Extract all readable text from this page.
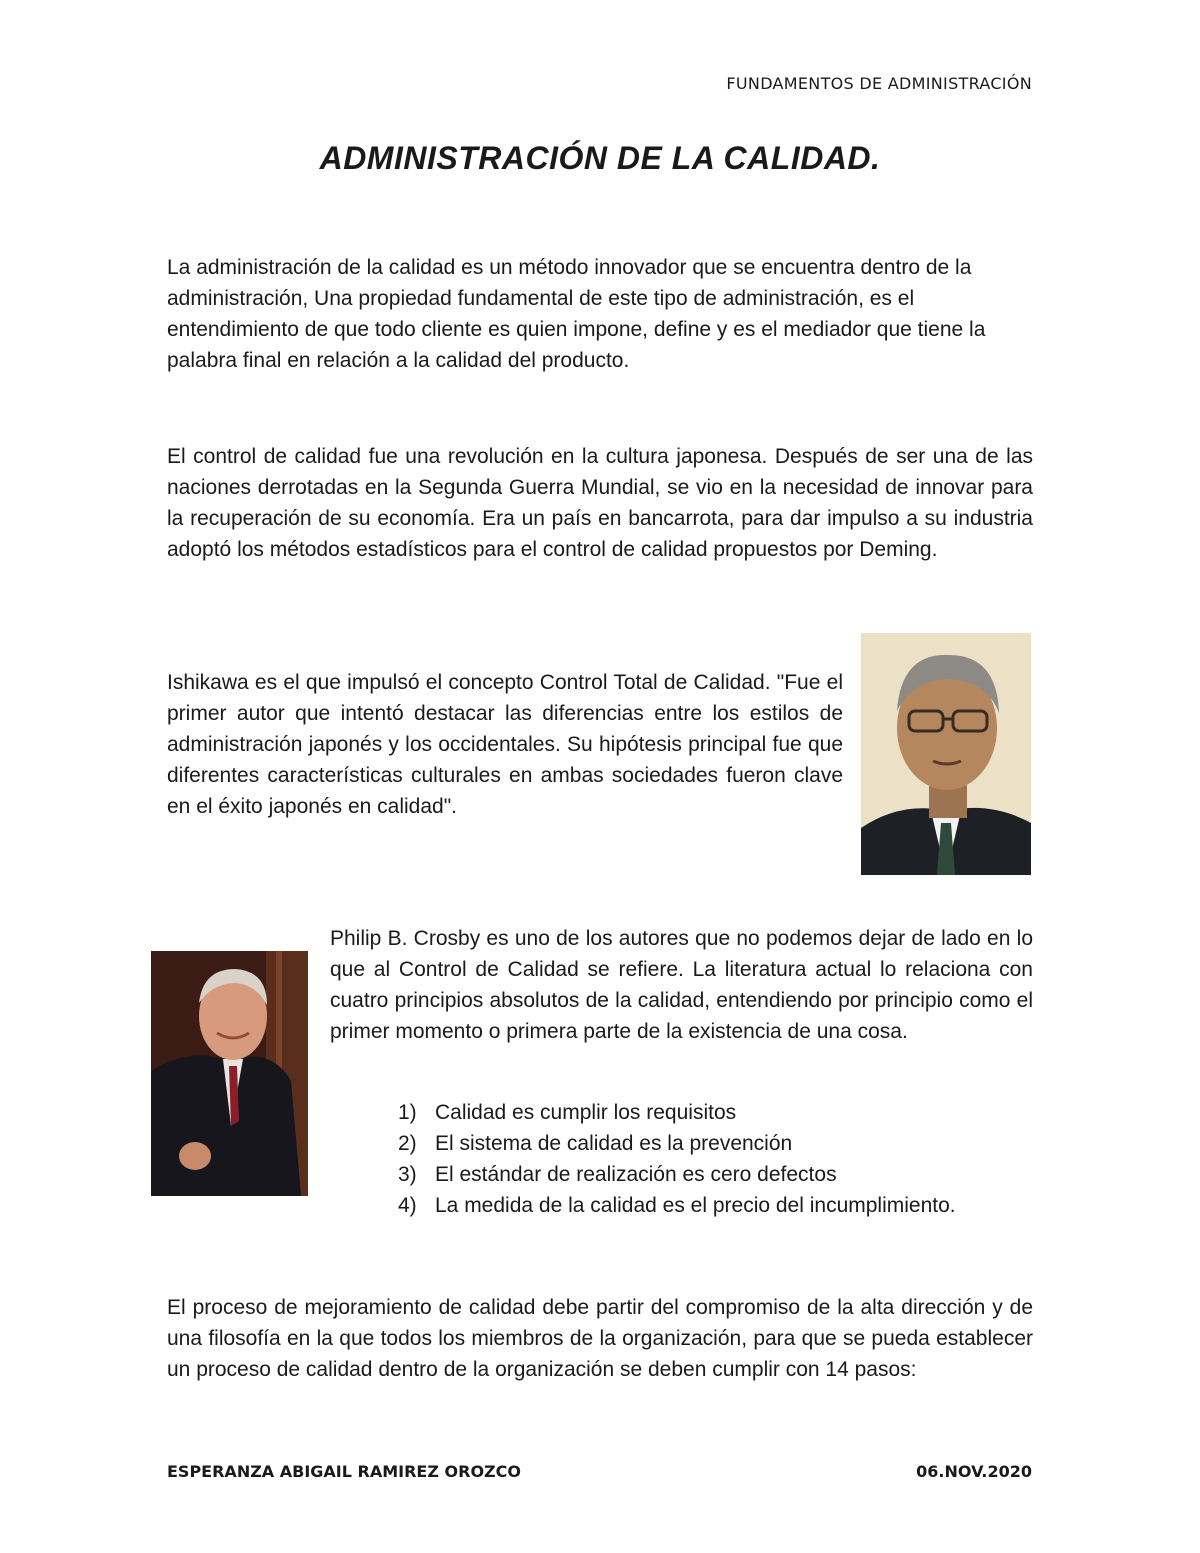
FUNDAMENTOS DE ADMINISTRACIÓN
ADMINISTRACIÓN DE LA CALIDAD.

La administración de la calidad es un método innovador que se encuentra dentro de la administración, Una propiedad fundamental de este tipo de administración, es el entendimiento de que todo cliente es quien impone, define y es el mediador que tiene la palabra final en relación a la calidad del producto.

El control de calidad fue una revolución en la cultura japonesa. Después de ser una de las naciones derrotadas en la Segunda Guerra Mundial, se vio en la necesidad de innovar para la recuperación de su economía. Era un país en bancarrota, para dar impulso a su industria adoptó los métodos estadísticos para el control de calidad propuestos por Deming.

Ishikawa es el que impulsó el concepto Control Total de Calidad. "Fue el primer autor que intentó destacar las diferencias entre los estilos de administración japonés y los occidentales. Su hipótesis principal fue que diferentes características culturales en ambas sociedades fueron clave en el éxito japonés en calidad".

Philip B. Crosby es uno de los autores que no podemos dejar de lado en lo que al Control de Calidad se refiere. La literatura actual lo relaciona con cuatro principios absolutos de la calidad, entendiendo por principio como el primer momento o primera parte de la existencia de una cosa.

1) Calidad es cumplir los requisitos
2) El sistema de calidad es la prevención
3) El estándar de realización es cero defectos
4) La medida de la calidad es el precio del incumplimiento.

El proceso de mejoramiento de calidad debe partir del compromiso de la alta dirección y de una filosofía en la que todos los miembros de la organización, para que se pueda establecer un proceso de calidad dentro de la organización se deben cumplir con 14 pasos:

ESPERANZA ABIGAIL RAMIREZ OROZCO	06.NOV.2020
